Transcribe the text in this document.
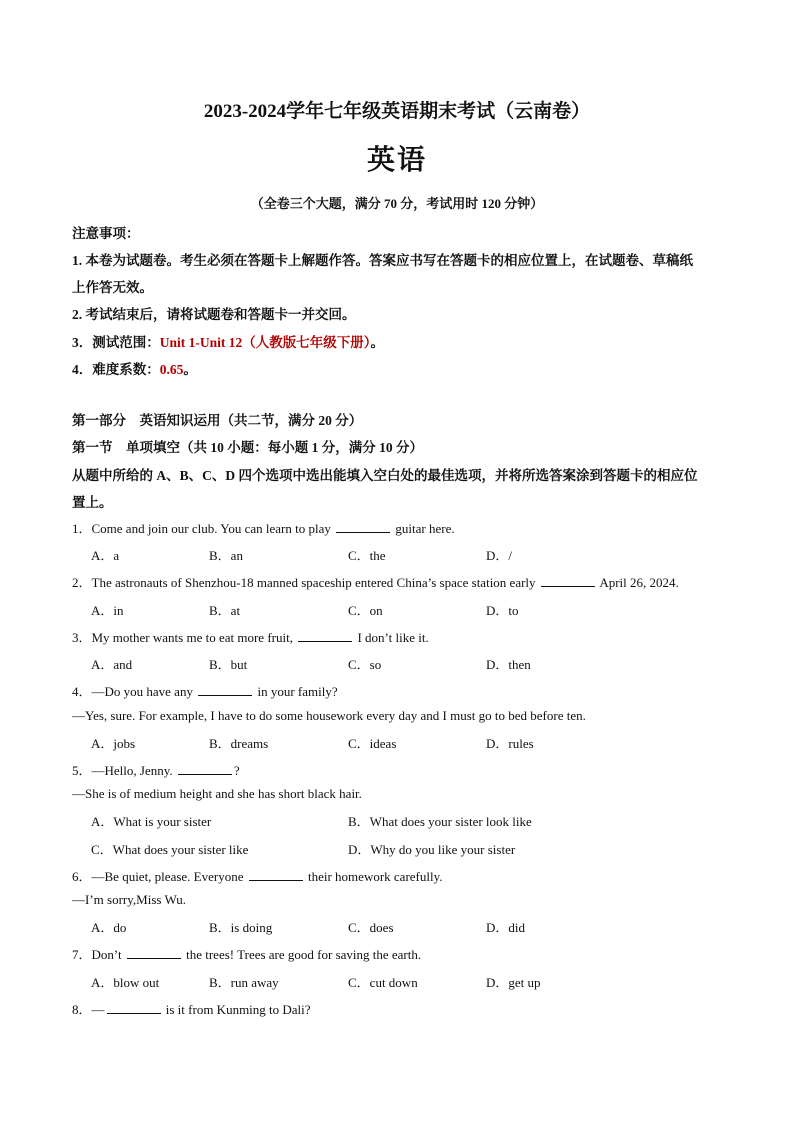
2023-2024学年七年级英语期末考试（云南卷）
英语
（全卷三个大题，满分 70 分，考试用时 120 分钟）
注意事项：
1. 本卷为试题卷。考生必须在答题卡上解题作答。答案应书写在答题卡的相应位置上，在试题卷、草稿纸
上作答无效。
2. 考试结束后，请将试题卷和答题卡一并交回。
3．测试范围：Unit 1-Unit 12（人教版七年级下册）。
4．难度系数：0.65。
第一部分　英语知识运用（共二节，满分 20 分）
第一节　单项填空（共 10 小题：每小题 1 分，满分 10 分）
从题中所给的 A、B、C、D 四个选项中选出能填入空白处的最佳选项，并将所选答案涂到答题卡的相应位
置上。
1．Come and join our club. You can learn to play	guitar here.
A．a	B．an	C．the	D．/
2．The astronauts of Shenzhou-18 manned spaceship entered China’s space station early	April 26, 2024.
A．in	B．at	C．on	D．to
3．My mother wants me to eat more fruit,	I don’t like it.
A．and	B．but	C．so	D．then
4．—Do you have any	in your family?
—Yes, sure. For example, I have to do some housework every day and I must go to bed before ten.
A．jobs	B．dreams	C．ideas	D．rules
5．—Hello, Jenny.	?
—She is of medium height and she has short black hair.
A．What is your sister	B．What does your sister look like
C．What does your sister like	D．Why do you like your sister
6．—Be quiet, please. Everyone	their homework carefully.
—I’m sorry,Miss Wu.
A．do	B．is doing	C．does	D．did
7．Don’t	the trees! Trees are good for saving the earth.
A．blow out	B．run away	C．cut down	D．get up
8．—	is it from Kunming to Dali?
